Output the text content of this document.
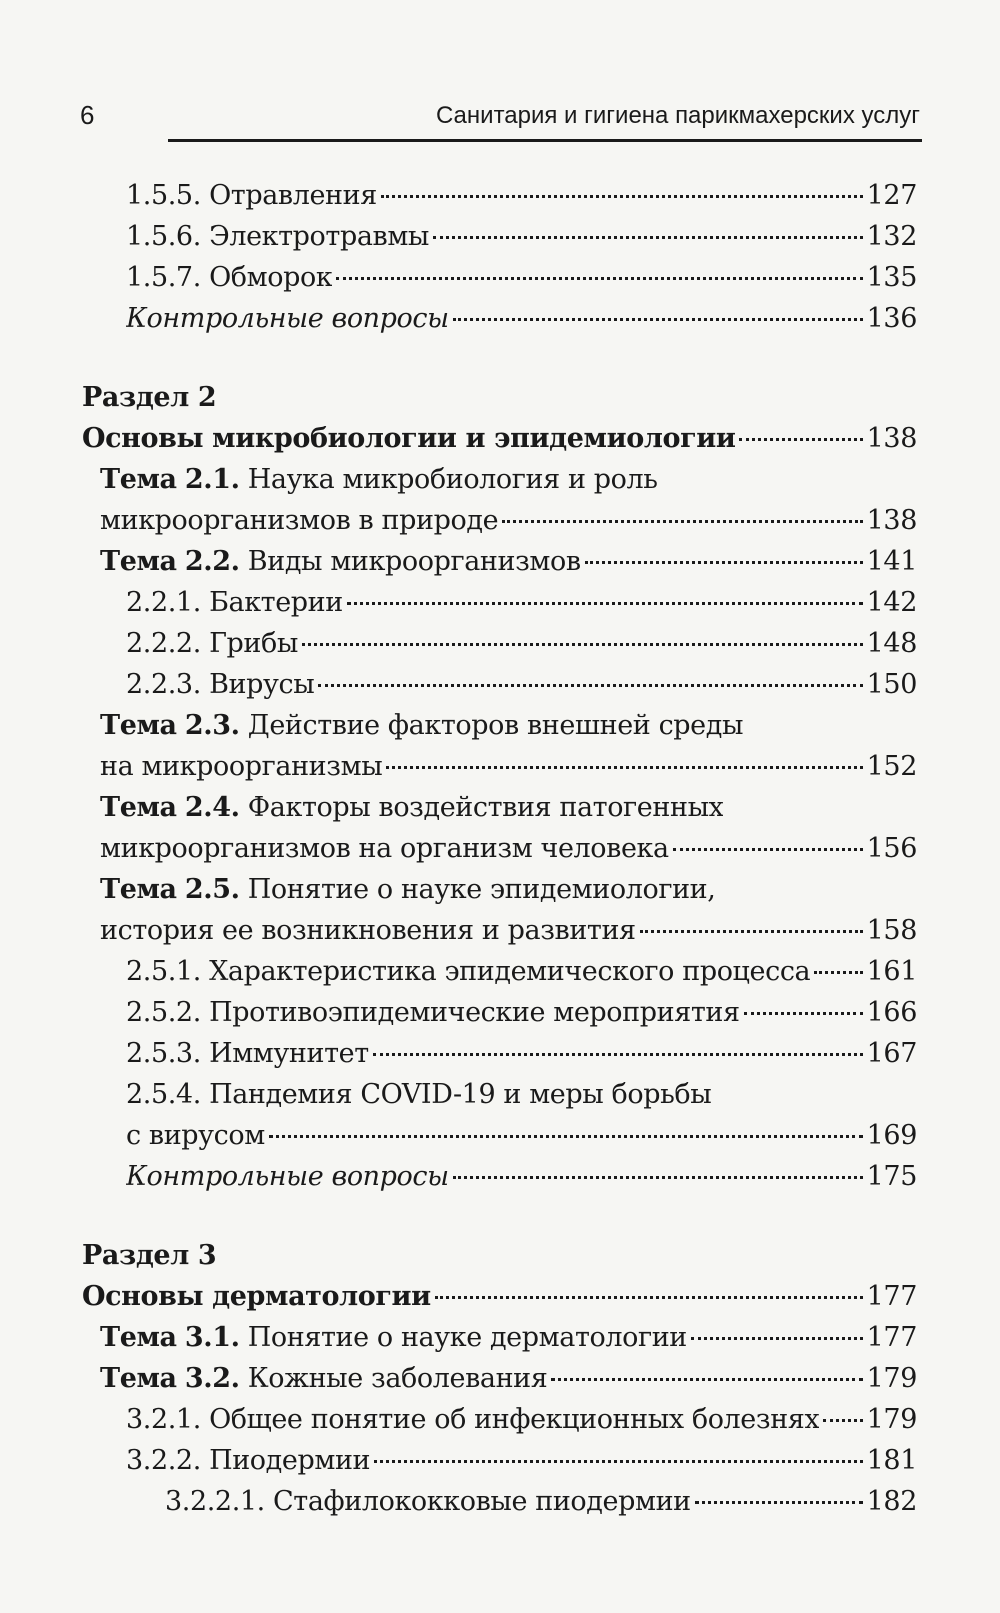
6	Санитария и гигиена парикмахерских услуг
1.5.5. Отравления	127
1.5.6. Электротравмы	132
1.5.7. Обморок	135
Контрольные вопросы	136
Раздел 2
Основы микробиологии и эпидемиологии	138
Тема 2.1. Наука микробиология и роль
микроорганизмов в природе	138
Тема 2.2. Виды микроорганизмов	141
2.2.1. Бактерии	142
2.2.2. Грибы	148
2.2.3. Вирусы	150
Тема 2.3. Действие факторов внешней среды
на микроорганизмы	152
Тема 2.4. Факторы воздействия патогенных
микроорганизмов на организм человека	156
Тема 2.5. Понятие о науке эпидемиологии,
история ее возникновения и развития	158
2.5.1. Характеристика эпидемического процесса 161
2.5.2. Противоэпидемические мероприятия	166
2.5.3. Иммунитет	167
2.5.4. Пандемия COVID-19 и меры борьбы
с вирусом	169
Контрольные вопросы	175
Раздел 3
Основы дерматологии	177
Тема 3.1. Понятие о науке дерматологии	177
Тема 3.2. Кожные заболевания	179
3.2.1. Общее понятие об инфекционных болезнях 179
3.2.2. Пиодермии	181
3.2.2.1. Стафилококковые пиодермии	182
